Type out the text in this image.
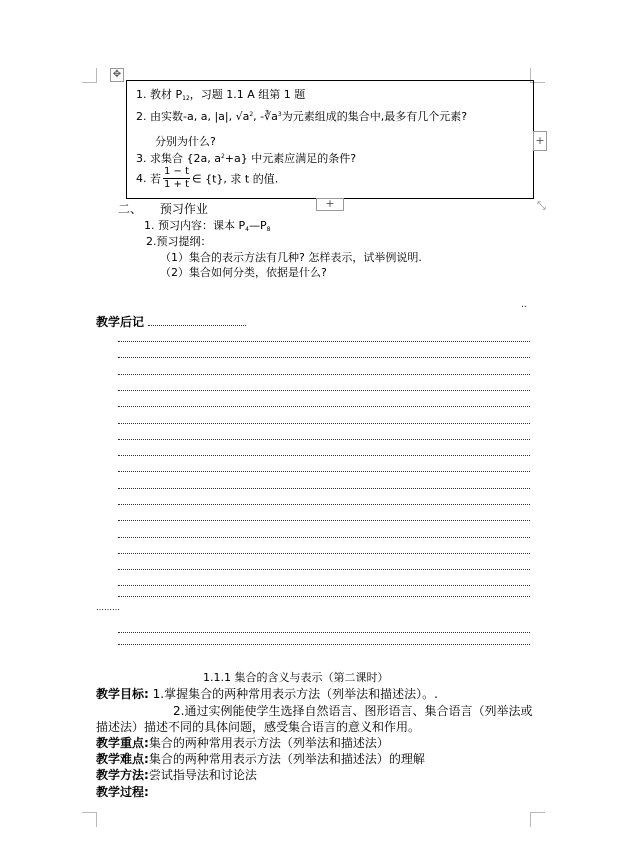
✥
1. 教材 $P_{12}$，习题 1.1 A 组第 1 题
2. 由实数-a, a, |a|, $√a^2$, $-∛a^3$为元素组成的集合中,最多有几个元素?
分别为什么?
3. 求集合 {2a, $a^2+a$} 中元素应满足的条件?
4. 若 $\frac{1 - t}{1 + t}$ ∈ {t}, 求 t 的值.
+
+	⤡
二、 预习作业
1. 预习内容：课本 $P_4—P_8$
2.预习提纲：
（1）集合的表示方法有几种? 怎样表示，试举例说明.
（2）集合如何分类，依据是什么?
..
教学后记
………
1.1.1 集合的含义与表示（第二课时）
教学目标: 1.掌握集合的两种常用表示方法（列举法和描述法）。.
2.通过实例能使学生选择自然语言、图形语言、集合语言（列举法或
描述法）描述不同的具体问题，感受集合语言的意义和作用。
教学重点:集合的两种常用表示方法（列举法和描述法）
教学难点:集合的两种常用表示方法（列举法和描述法）的理解
教学方法:尝试指导法和讨论法
教学过程:
